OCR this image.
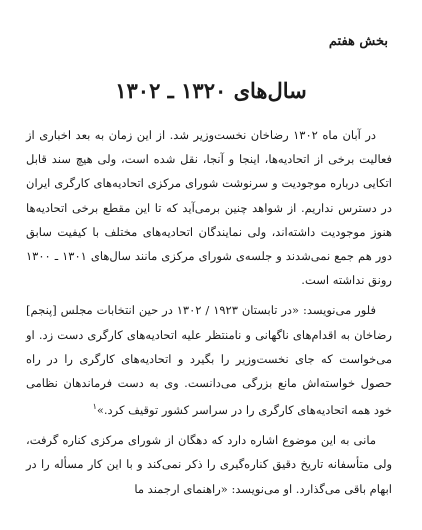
بخش هفتم
سال‌های ۱۳۲۰ ـ ۱۳۰۲

در آبان ماه ۱۳۰۲ رضاخان نخست‌وزیر شد. از این زمان به بعد اخباری از فعالیت برخی از اتحادیه‌ها، اینجا و آنجا، نقل شده است، ولی هیچ سند قابل اتکایی درباره موجودیت و سرنوشت شورای مرکزی اتحادیه‌های کارگری ایران در دسترس نداریم. از شواهد چنین برمی‌آید که تا این مقطع برخی اتحادیه‌ها هنوز موجودیت داشته‌اند، ولی نمایندگان اتحادیه‌های مختلف با کیفیت سابق دور هم جمع نمی‌شدند و جلسه‌ی شورای مرکزی مانند سال‌های ۱۳۰۱ ـ ۱۳۰۰ رونق نداشته است.

فلور می‌نویسد: «در تابستان ۱۹۲۳ / ۱۳۰۲ در حین انتخابات مجلس [پنجم] رضاخان به اقدام‌های ناگهانی و نامنتظر علیه اتحادیه‌های کارگری دست زد. او می‌خواست که جای نخست‌وزیر را بگیرد و اتحادیه‌های کارگری را در راه حصول خواسته‌اش مانع بزرگی می‌دانست. وی به دست فرماندهان نظامی خود همه اتحادیه‌های کارگری را در سراسر کشور توقیف کرد.»$^۱$

مانی به این موضوع اشاره دارد که دهگان از شورای مرکزی کناره گرفت، ولی متأسفانه تاریخ دقیق کناره‌گیری را ذکر نمی‌کند و با این کار مسأله را در ابهام باقی می‌گذارد. او می‌نویسد: «راهنمای ارجمند ما
